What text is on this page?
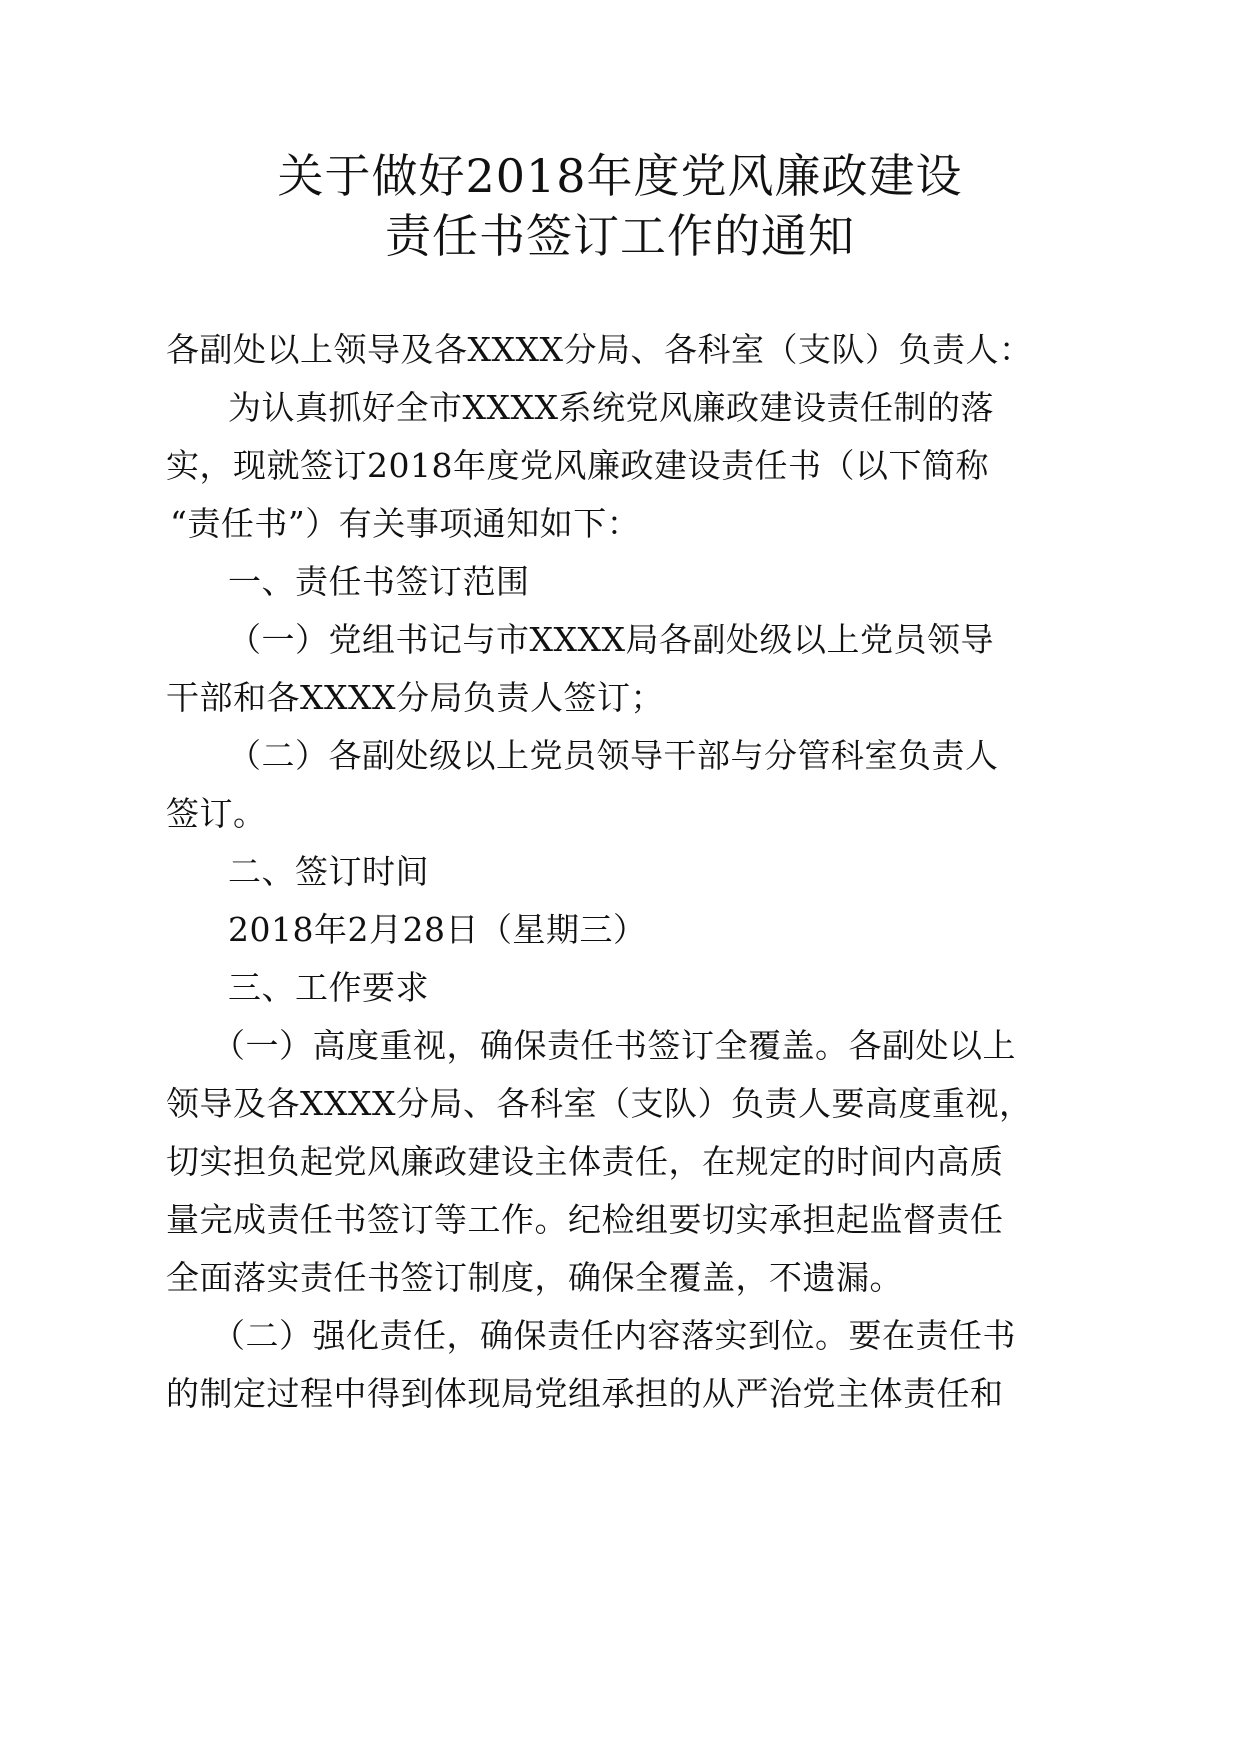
关于做好2018年度党风廉政建设
责任书签订工作的通知
各副处以上领导及各XXXX分局、各科室（支队）负责人：
为认真抓好全市XXXX系统党风廉政建设责任制的落
实，现就签订2018年度党风廉政建设责任书（以下简称
“责任书”）有关事项通知如下：
一、责任书签订范围
（一）党组书记与市XXXX局各副处级以上党员领导
干部和各XXXX分局负责人签订；
（二）各副处级以上党员领导干部与分管科室负责人
签订。
二、签订时间
2018年2月28日（星期三）
三、工作要求
（一）高度重视，确保责任书签订全覆盖。各副处以上
领导及各XXXX分局、各科室（支队）负责人要高度重视，
切实担负起党风廉政建设主体责任，在规定的时间内高质
量完成责任书签订等工作。纪检组要切实承担起监督责任
全面落实责任书签订制度，确保全覆盖，不遗漏。
（二）强化责任，确保责任内容落实到位。要在责任书
的制定过程中得到体现局党组承担的从严治党主体责任和
